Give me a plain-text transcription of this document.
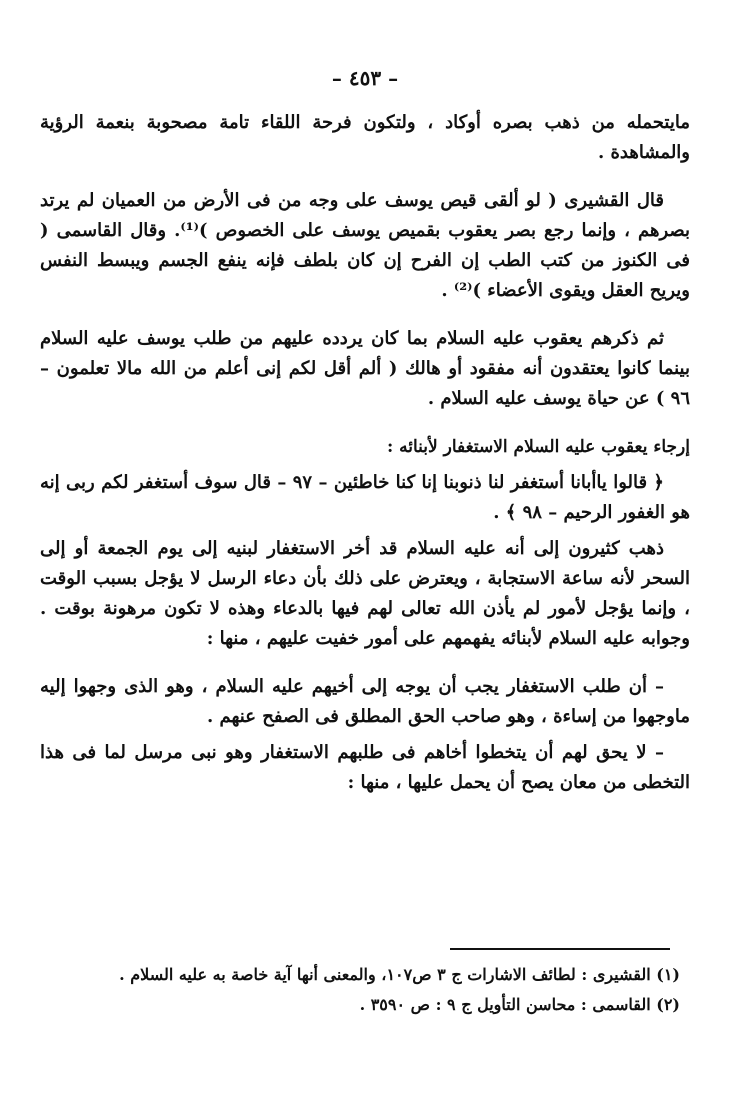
– ٤٥٣ –

مايتحمله من ذهب بصره أوكاد ، ولتكون فرحة اللقاء تامة مصحوبة بنعمة الرؤية والمشاهدة .

قال القشيرى ( لو ألقى قيص يوسف على وجه من فى الأرض من العميان لم يرتد بصرهم ، وإنما رجع بصر يعقوب بقميص يوسف على الخصوص )⁽¹⁾. وقال القاسمى ( فى الكنوز من كتب الطب إن الفرح إن كان بلطف فإنه ينفع الجسم ويبسط النفس ويريح العقل ويقوى الأعضاء )⁽²⁾ .

ثم ذكرهم يعقوب عليه السلام بما كان يردده عليهم من طلب يوسف عليه السلام بينما كانوا يعتقدون أنه مفقود أو هالك ( ألم أقل لكم إنى أعلم من الله مالا تعلمون – ٩٦ ) عن حياة يوسف عليه السلام .

إرجاء يعقوب عليه السلام الاستغفار لأبنائه :

﴿ قالوا ياأبانا أستغفر لنا ذنوبنا إنا كنا خاطئين – ٩٧ – قال سوف أستغفر لكم ربى إنه هو الغفور الرحيم – ٩٨ ﴾ .

ذهب كثيرون إلى أنه عليه السلام قد أخر الاستغفار لبنيه إلى يوم الجمعة أو إلى السحر لأنه ساعة الاستجابة ، ويعترض على ذلك بأن دعاء الرسل لا يؤجل بسبب الوقت ، وإنما يؤجل لأمور لم يأذن الله تعالى لهم فيها بالدعاء وهذه لا تكون مرهونة بوقت . وجوابه عليه السلام لأبنائه يفهمهم على أمور خفيت عليهم ، منها :

– أن طلب الاستغفار يجب أن يوجه إلى أخيهم عليه السلام ، وهو الذى وجهوا إليه ماوجهوا من إساءة ، وهو صاحب الحق المطلق فى الصفح عنهم .

– لا يحق لهم أن يتخطوا أخاهم فى طلبهم الاستغفار وهو نبى مرسل لما فى هذا التخطى من معان يصح أن يحمل عليها ، منها :

(١) القشيرى : لطائف الاشارات ج ٣ ص١٠٧، والمعنى أنها آية خاصة به عليه السلام .
(٢) القاسمى : محاسن التأويل ج ٩ : ص ٣٥٩٠ .
